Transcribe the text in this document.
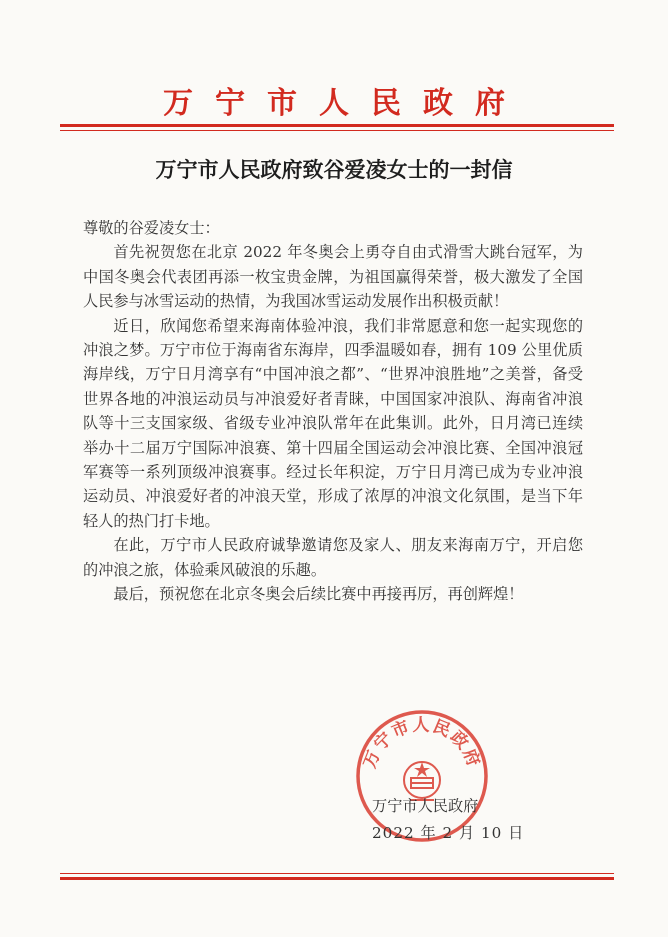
万宁市人民政府
万宁市人民政府致谷爱凌女士的一封信

尊敬的谷爱凌女士：

首先祝贺您在北京 2022 年冬奥会上勇夺自由式滑雪大跳台冠军，为中国冬奥会代表团再添一枚宝贵金牌，为祖国赢得荣誉，极大激发了全国人民参与冰雪运动的热情，为我国冰雪运动发展作出积极贡献！

近日，欣闻您希望来海南体验冲浪，我们非常愿意和您一起实现您的冲浪之梦。万宁市位于海南省东海岸，四季温暖如春，拥有 109 公里优质海岸线，万宁日月湾享有“中国冲浪之都”、“世界冲浪胜地”之美誉，备受世界各地的冲浪运动员与冲浪爱好者青睐，中国国家冲浪队、海南省冲浪队等十三支国家级、省级专业冲浪队常年在此集训。此外，日月湾已连续举办十二届万宁国际冲浪赛、第十四届全国运动会冲浪比赛、全国冲浪冠军赛等一系列顶级冲浪赛事。经过长年积淀，万宁日月湾已成为专业冲浪运动员、冲浪爱好者的冲浪天堂，形成了浓厚的冲浪文化氛围，是当下年轻人的热门打卡地。

在此，万宁市人民政府诚挚邀请您及家人、朋友来海南万宁，开启您的冲浪之旅，体验乘风破浪的乐趣。

最后，预祝您在北京冬奥会后续比赛中再接再厉，再创辉煌！

万宁市人民政府
万宁市人民政府
2022 年 2 月 10 日
